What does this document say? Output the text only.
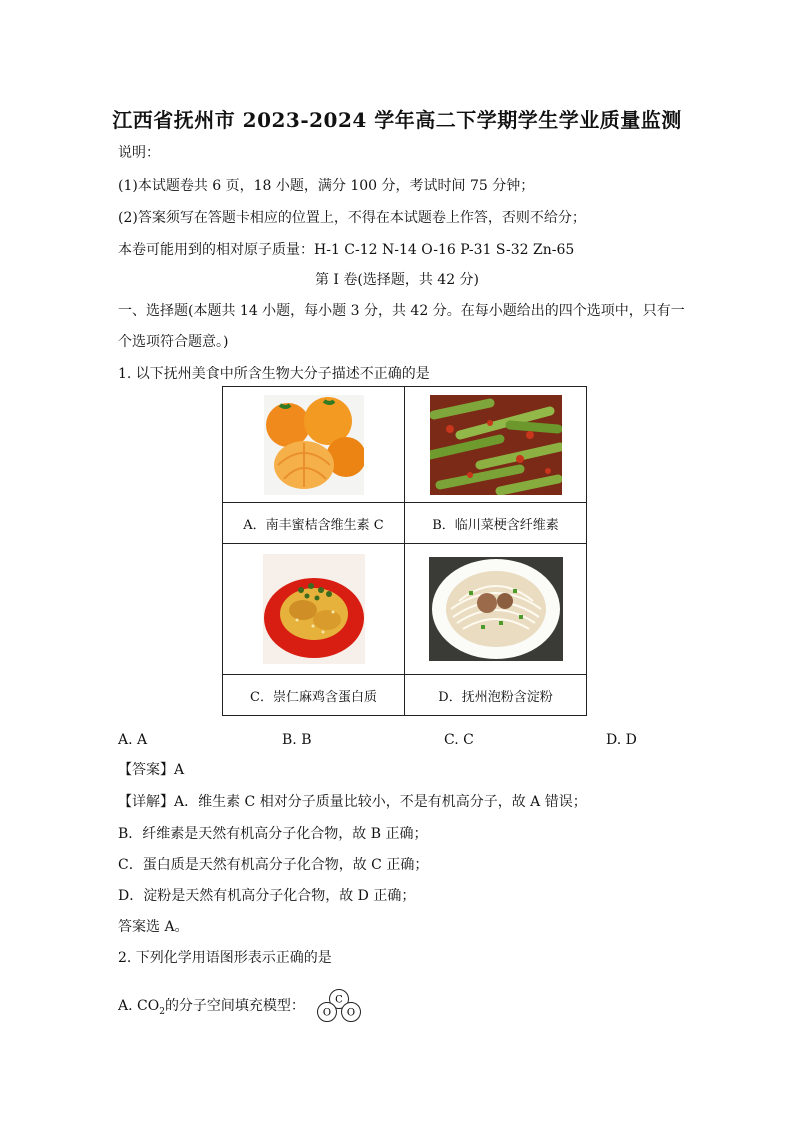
江西省抚州市 2023-2024 学年高二下学期学生学业质量监测
说明：
(1)本试题卷共 6 页，18 小题，满分 100 分，考试时间 75 分钟；
(2)答案须写在答题卡相应的位置上，不得在本试题卷上作答，否则不给分；
本卷可能用到的相对原子质量：H-1 C-12 N-14 O-16 P-31 S-32 Zn-65
第 I 卷(选择题，共 42 分)
一、选择题(本题共 14 小题，每小题 3 分，共 42 分。在每小题给出的四个选项中，只有一
个选项符合题意。)
1. 以下抚州美食中所含生物大分子描述不正确的是

A．南丰蜜桔含维生素 C	B．临川菜梗含纤维素

C．崇仁麻鸡含蛋白质	D．抚州泡粉含淀粉
A. A	B. B	C. C	D. D
【答案】A
【详解】A．维生素 C 相对分子质量比较小，不是有机高分子，故 A 错误；
B．纤维素是天然有机高分子化合物，故 B 正确；
C．蛋白质是天然有机高分子化合物，故 C 正确；
D．淀粉是天然有机高分子化合物，故 D 正确；
答案选 A。
2. 下列化学用语图形表示正确的是
A. $CO_2$的分子空间填充模型：	C
O O
